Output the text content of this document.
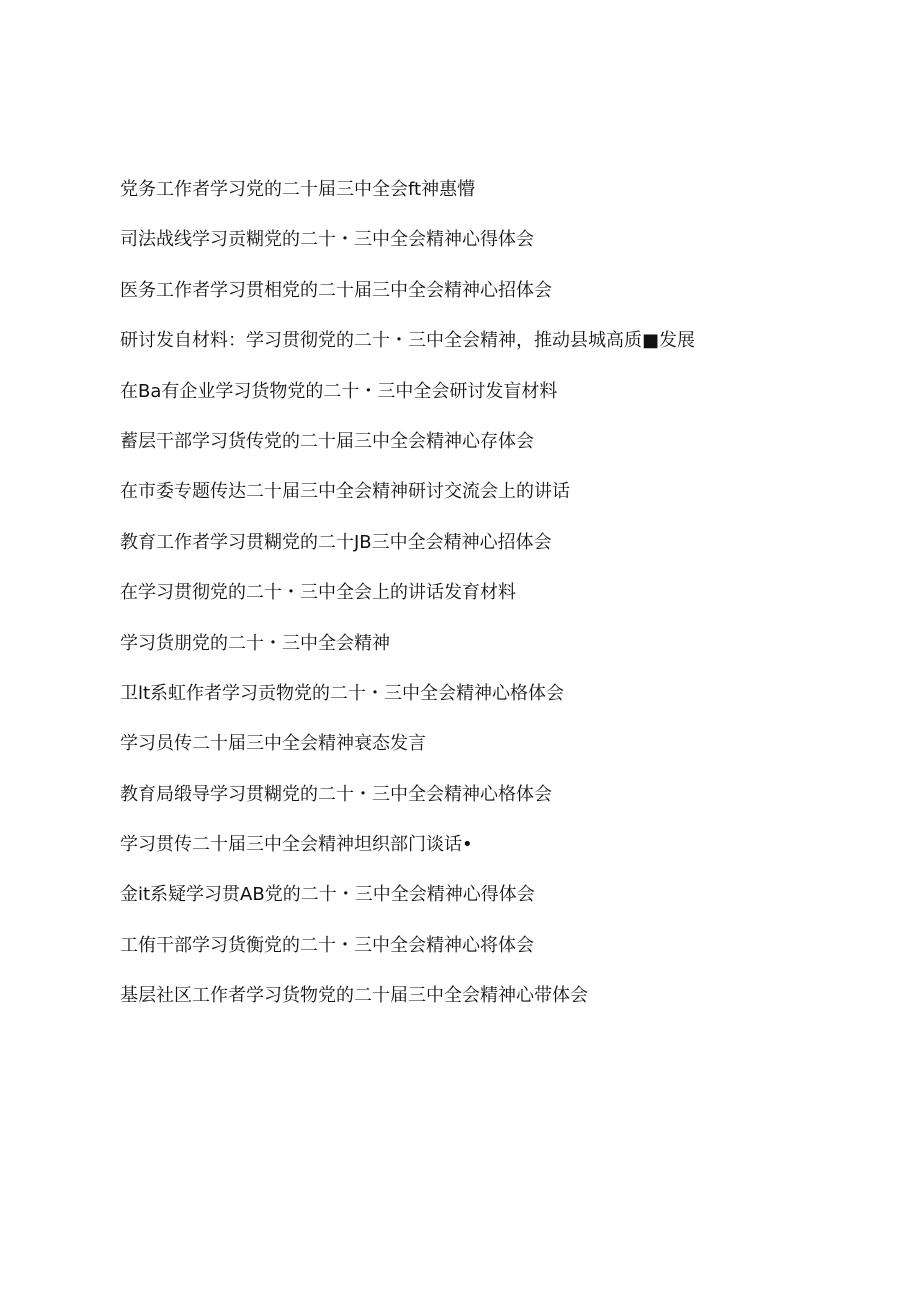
党务工作者学习党的二十届三中全会ft神惠懵
司法战线学习贡糊党的二十・三中全会精神心得体会
医务工作者学习贯相党的二十届三中全会精神心招体会
研讨发自材料：学习贯彻党的二十・三中全会精神，推动县城高质■发展
在Ba有企业学习货物党的二十・三中全会研讨发盲材料
蓄层干部学习货传党的二十届三中全会精神心存体会
在市委专题传达二十届三中全会精神研讨交流会上的讲话
教育工作者学习贯糊党的二十JB三中全会精神心招体会
在学习贯彻党的二十・三中全会上的讲话发育材料
学习货朋党的二十・三中全会精神
卫lt系虹作者学习贡物党的二十・三中全会精神心格体会
学习员传二十届三中全会精神衰态发言
教育局缎导学习贯糊党的二十・三中全会精神心格体会
学习贯传二十届三中全会精神坦织部门谈话•
金it系疑学习贯AB党的二十・三中全会精神心得体会
工侑干部学习货衡党的二十・三中全会精神心将体会
基层社区工作者学习货物党的二十届三中全会精神心带体会
